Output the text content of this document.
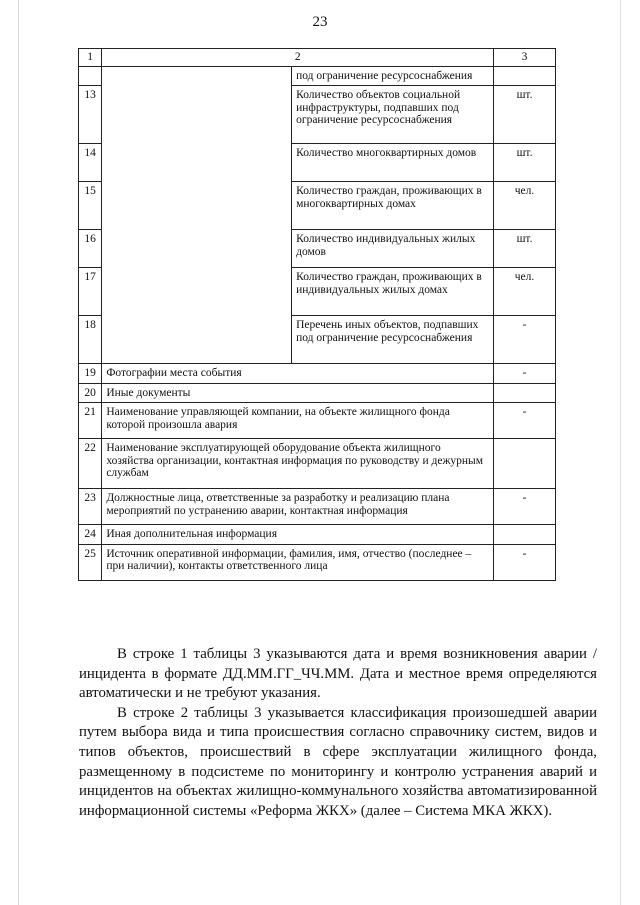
23
1	2		3
		под ограничение ресурсоснабжения	
13		Количество объектов социальной инфраструктуры, подпавших под ограничение ресурсоснабжения	шт.
14		Количество многоквартирных домов	шт.
15		Количество граждан, проживающих в многоквартирных домах	чел.
16		Количество индивидуальных жилых домов	шт.
17		Количество граждан, проживающих в индивидуальных жилых домах	чел.
18		Перечень иных объектов, подпавших под ограничение ресурсоснабжения	-
19	Фотографии места события		-
20	Иные документы		
21	Наименование управляющей компании, на объекте жилищного фонда которой произошла авария		-
22	Наименование эксплуатирующей оборудование объекта жилищного хозяйства организации, контактная информация по руководству и дежурным службам		
23	Должностные лица, ответственные за разработку и реализацию плана мероприятий по устранению аварии, контактная информация		-
24	Иная дополнительная информация		
25	Источник оперативной информации, фамилия, имя, отчество (последнее – при наличии), контакты ответственного лица		-

В строке 1 таблицы 3 указываются дата и время возникновения аварии / инцидента в формате ДД.ММ.ГГ_ЧЧ.ММ. Дата и местное время определяются автоматически и не требуют указания.

В строке 2 таблицы 3 указывается классификация произошедшей аварии путем выбора вида и типа происшествия согласно справочнику систем, видов и типов объектов, происшествий в сфере эксплуатации жилищного фонда, размещенному в подсистеме по мониторингу и контролю устранения аварий и инцидентов на объектах жилищно-коммунального хозяйства автоматизированной информационной системы «Реформа ЖКХ» (далее – Система МКА ЖКХ).
